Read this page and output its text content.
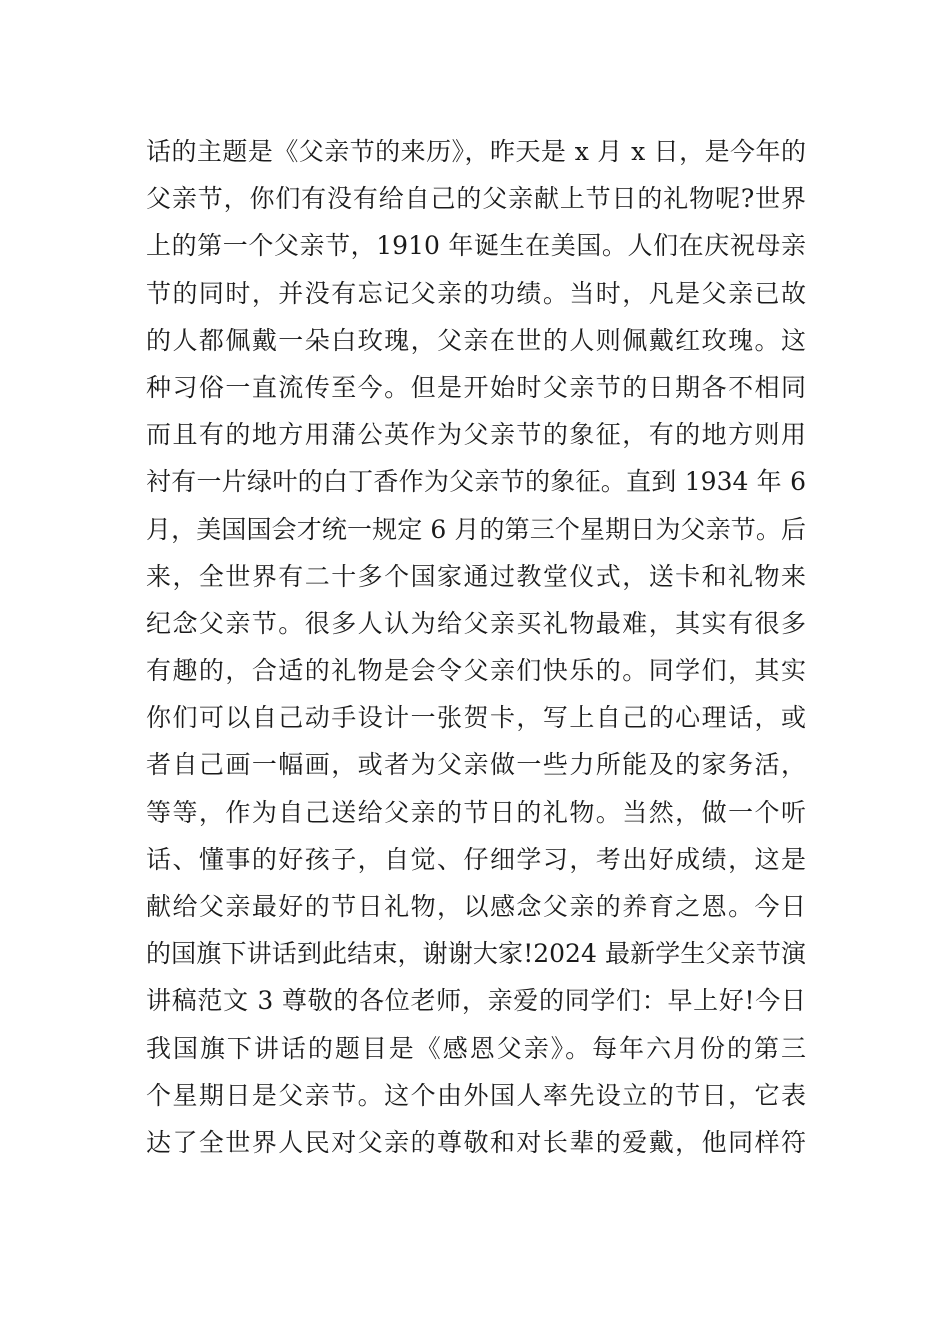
话的主题是《父亲节的来历》，昨天是 x 月 x 日，是今年的
父亲节，你们有没有给自己的父亲献上节日的礼物呢?世界
上的第一个父亲节，1910 年诞生在美国。人们在庆祝母亲
节的同时，并没有忘记父亲的功绩。当时，凡是父亲已故
的人都佩戴一朵白玫瑰，父亲在世的人则佩戴红玫瑰。这
种习俗一直流传至今。但是开始时父亲节的日期各不相同
而且有的地方用蒲公英作为父亲节的象征，有的地方则用
衬有一片绿叶的白丁香作为父亲节的象征。直到 1934 年 6
月，美国国会才统一规定 6 月的第三个星期日为父亲节。后
来，全世界有二十多个国家通过教堂仪式，送卡和礼物来
纪念父亲节。很多人认为给父亲买礼物最难，其实有很多
有趣的，合适的礼物是会令父亲们快乐的。同学们，其实
你们可以自己动手设计一张贺卡，写上自己的心理话，或
者自己画一幅画，或者为父亲做一些力所能及的家务活，
等等，作为自己送给父亲的节日的礼物。当然，做一个听
话、懂事的好孩子，自觉、仔细学习，考出好成绩，这是
献给父亲最好的节日礼物，以感念父亲的养育之恩。今日
的国旗下讲话到此结束，谢谢大家!2024 最新学生父亲节演
讲稿范文 3 尊敬的各位老师，亲爱的同学们：早上好!今日
我国旗下讲话的题目是《感恩父亲》。每年六月份的第三
个星期日是父亲节。这个由外国人率先设立的节日，它表
达了全世界人民对父亲的尊敬和对长辈的爱戴，他同样符
